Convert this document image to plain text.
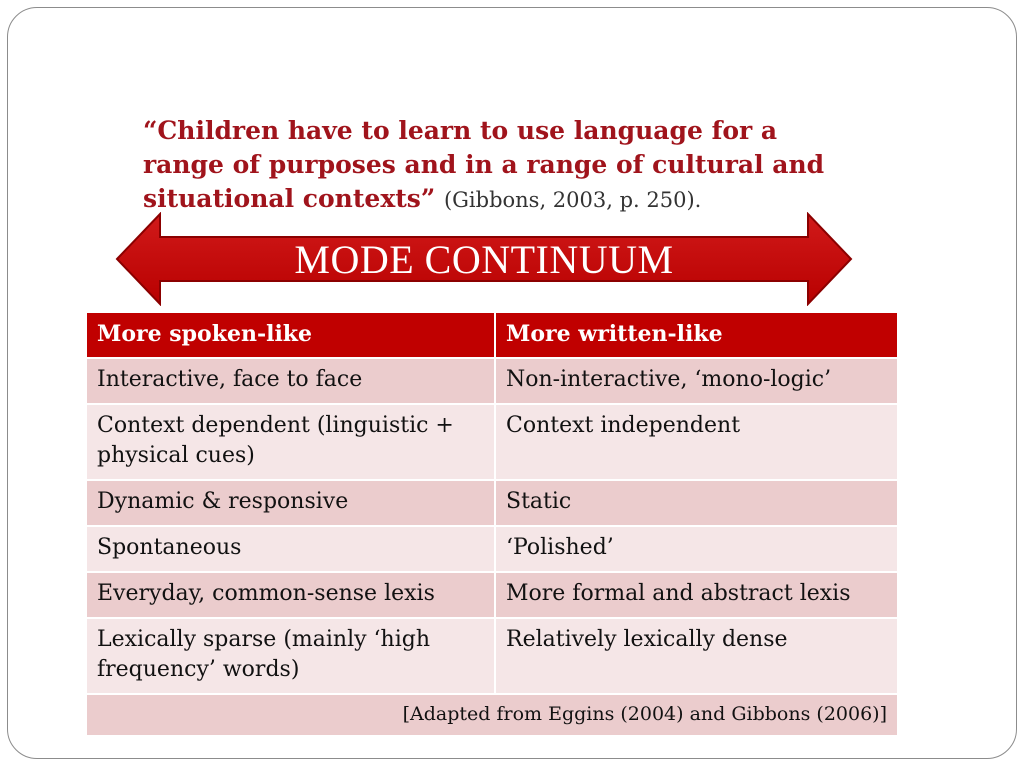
“Children have to learn to use language for a range of purposes and in a range of cultural and situational contexts” (Gibbons, 2003, p. 250).
MODE CONTINUUM
More spoken-like	More written-like
Interactive, face to face	Non-interactive, ‘mono-logic’
Context dependent (linguistic + physical cues)	Context independent
Dynamic & responsive	Static
Spontaneous	‘Polished’
Everyday, common-sense lexis	More formal and abstract lexis
Lexically sparse (mainly ‘high frequency’ words)	Relatively lexically dense
[Adapted from Eggins (2004) and Gibbons (2006)]	
